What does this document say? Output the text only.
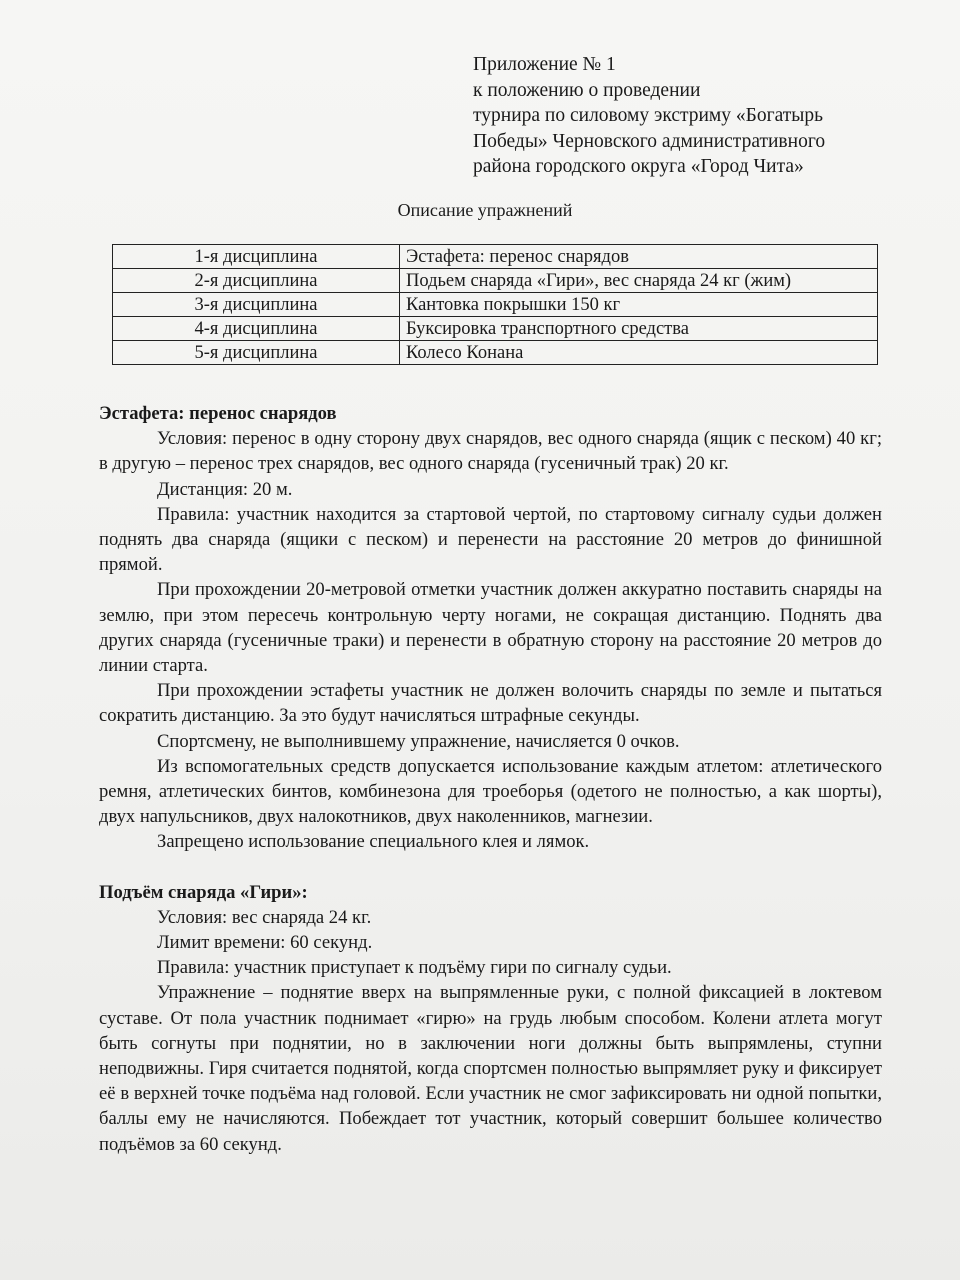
Приложение № 1
к положению о проведении
турнира по силовому экстриму «Богатырь
Победы» Черновского административного
района городского округа «Город Чита»
Описание упражнений
1-я дисциплина	Эстафета: перенос снарядов
2-я дисциплина	Подьем снаряда «Гири», вес снаряда 24 кг (жим)
3-я дисциплина	Кантовка покрышки 150 кг
4-я дисциплина	Буксировка транспортного средства
5-я дисциплина	Колесо Конана
Эстафета: перенос снарядов

Условия: перенос в одну сторону двух снарядов, вес одного снаряда (ящик с песком) 40 кг; в другую – перенос трех снарядов, вес одного снаряда (гусеничный трак) 20 кг.

Дистанция: 20 м.

Правила: участник находится за стартовой чертой, по стартовому сигналу судьи должен поднять два снаряда (ящики с песком) и перенести на расстояние 20 метров до финишной прямой.

При прохождении 20-метровой отметки участник должен аккуратно поставить снаряды на землю, при этом пересечь контрольную черту ногами, не сокращая дистанцию. Поднять два других снаряда (гусеничные траки) и перенести в обратную сторону на расстояние 20 метров до линии старта.

При прохождении эстафеты участник не должен волочить снаряды по земле и пытаться сократить дистанцию. За это будут начисляться штрафные секунды.

Спортсмену, не выполнившему упражнение, начисляется 0 очков.

Из вспомогательных средств допускается использование каждым атлетом: атлетического ремня, атлетических бинтов, комбинезона для троеборья (одетого не полностью, а как шорты), двух напульсников, двух налокотников, двух наколенников, магнезии.

Запрещено использование специального клея и лямок.

Подъём снаряда «Гири»:

Условия: вес снаряда 24 кг.

Лимит времени: 60 секунд.

Правила: участник приступает к подъёму гири по сигналу судьи.

Упражнение – поднятие вверх на выпрямленные руки, с полной фиксацией в локтевом суставе. От пола участник поднимает «гирю» на грудь любым способом. Колени атлета могут быть согнуты при поднятии, но в заключении ноги должны быть выпрямлены, ступни неподвижны. Гиря считается поднятой, когда спортсмен полностью выпрямляет руку и фиксирует её в верхней точке подъёма над головой. Если участник не смог зафиксировать ни одной попытки, баллы ему не начисляются. Побеждает тот участник, который совершит большее количество подъёмов за 60 секунд.
